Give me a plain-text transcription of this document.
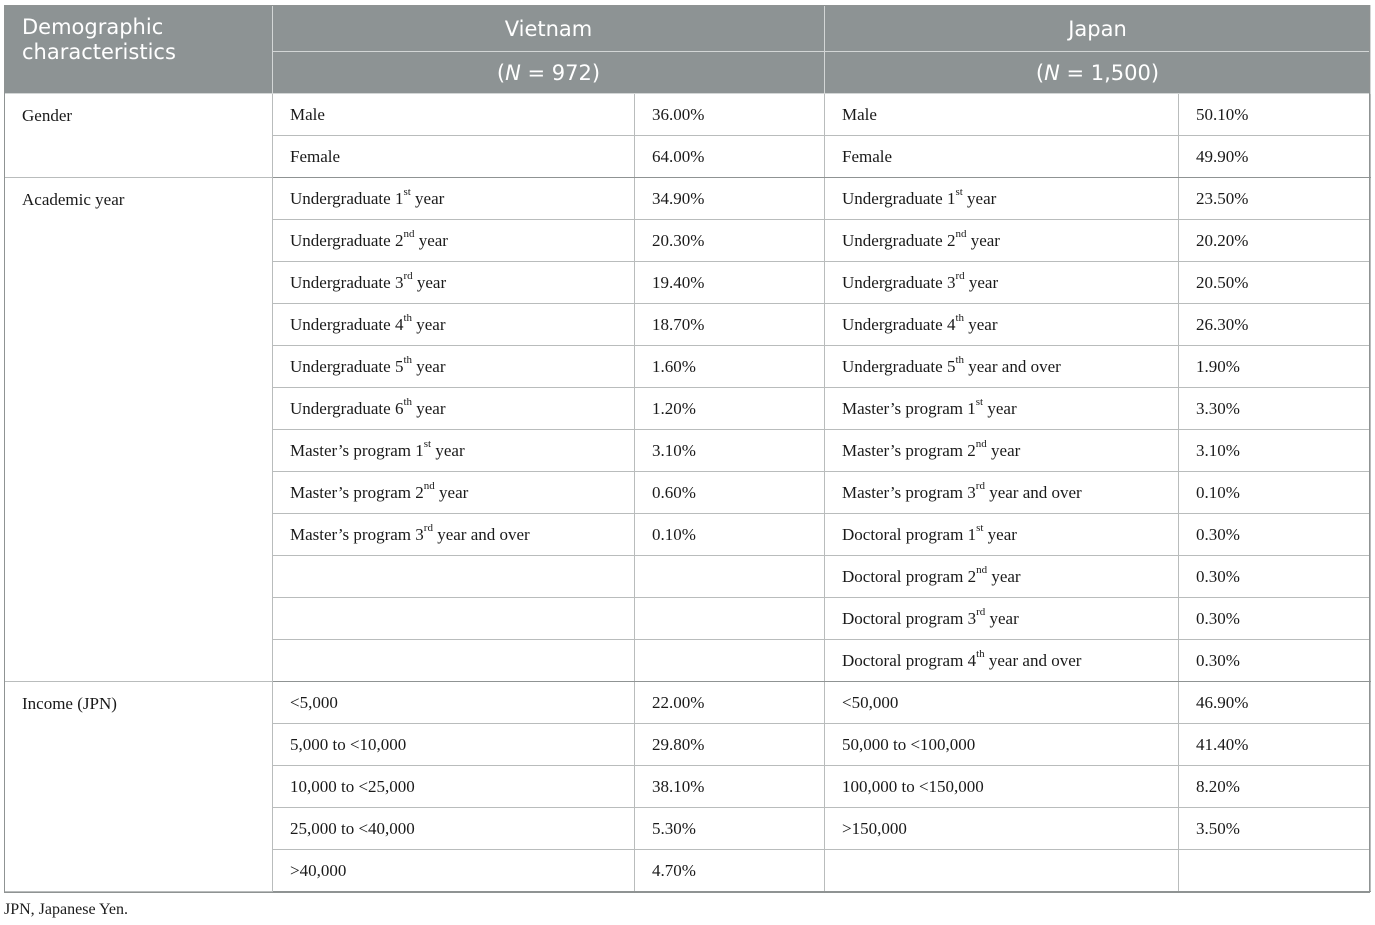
Demographic characteristics	Vietnam		Japan	
	(N = 972)		(N = 1,500)	
Gender	Male	36.00%	Male	50.10%
	Female	64.00%	Female	49.90%
Academic year	Undergraduate 1st year	34.90%	Undergraduate 1st year	23.50%
	Undergraduate 2nd year	20.30%	Undergraduate 2nd year	20.20%
	Undergraduate 3rd year	19.40%	Undergraduate 3rd year	20.50%
	Undergraduate 4th year	18.70%	Undergraduate 4th year	26.30%
	Undergraduate 5th year	1.60%	Undergraduate 5th year and over	1.90%
	Undergraduate 6th year	1.20%	Master’s program 1st year	3.30%
	Master’s program 1st year	3.10%	Master’s program 2nd year	3.10%
	Master’s program 2nd year	0.60%	Master’s program 3rd year and over	0.10%
	Master’s program 3rd year and over	0.10%	Doctoral program 1st year	0.30%
			Doctoral program 2nd year	0.30%
			Doctoral program 3rd year	0.30%
			Doctoral program 4th year and over	0.30%
Income (JPN)	<5,000	22.00%	<50,000	46.90%
	5,000 to <10,000	29.80%	50,000 to <100,000	41.40%
	10,000 to <25,000	38.10%	100,000 to <150,000	8.20%
	25,000 to <40,000	5.30%	>150,000	3.50%
	>40,000	4.70%		
JPN, Japanese Yen.
